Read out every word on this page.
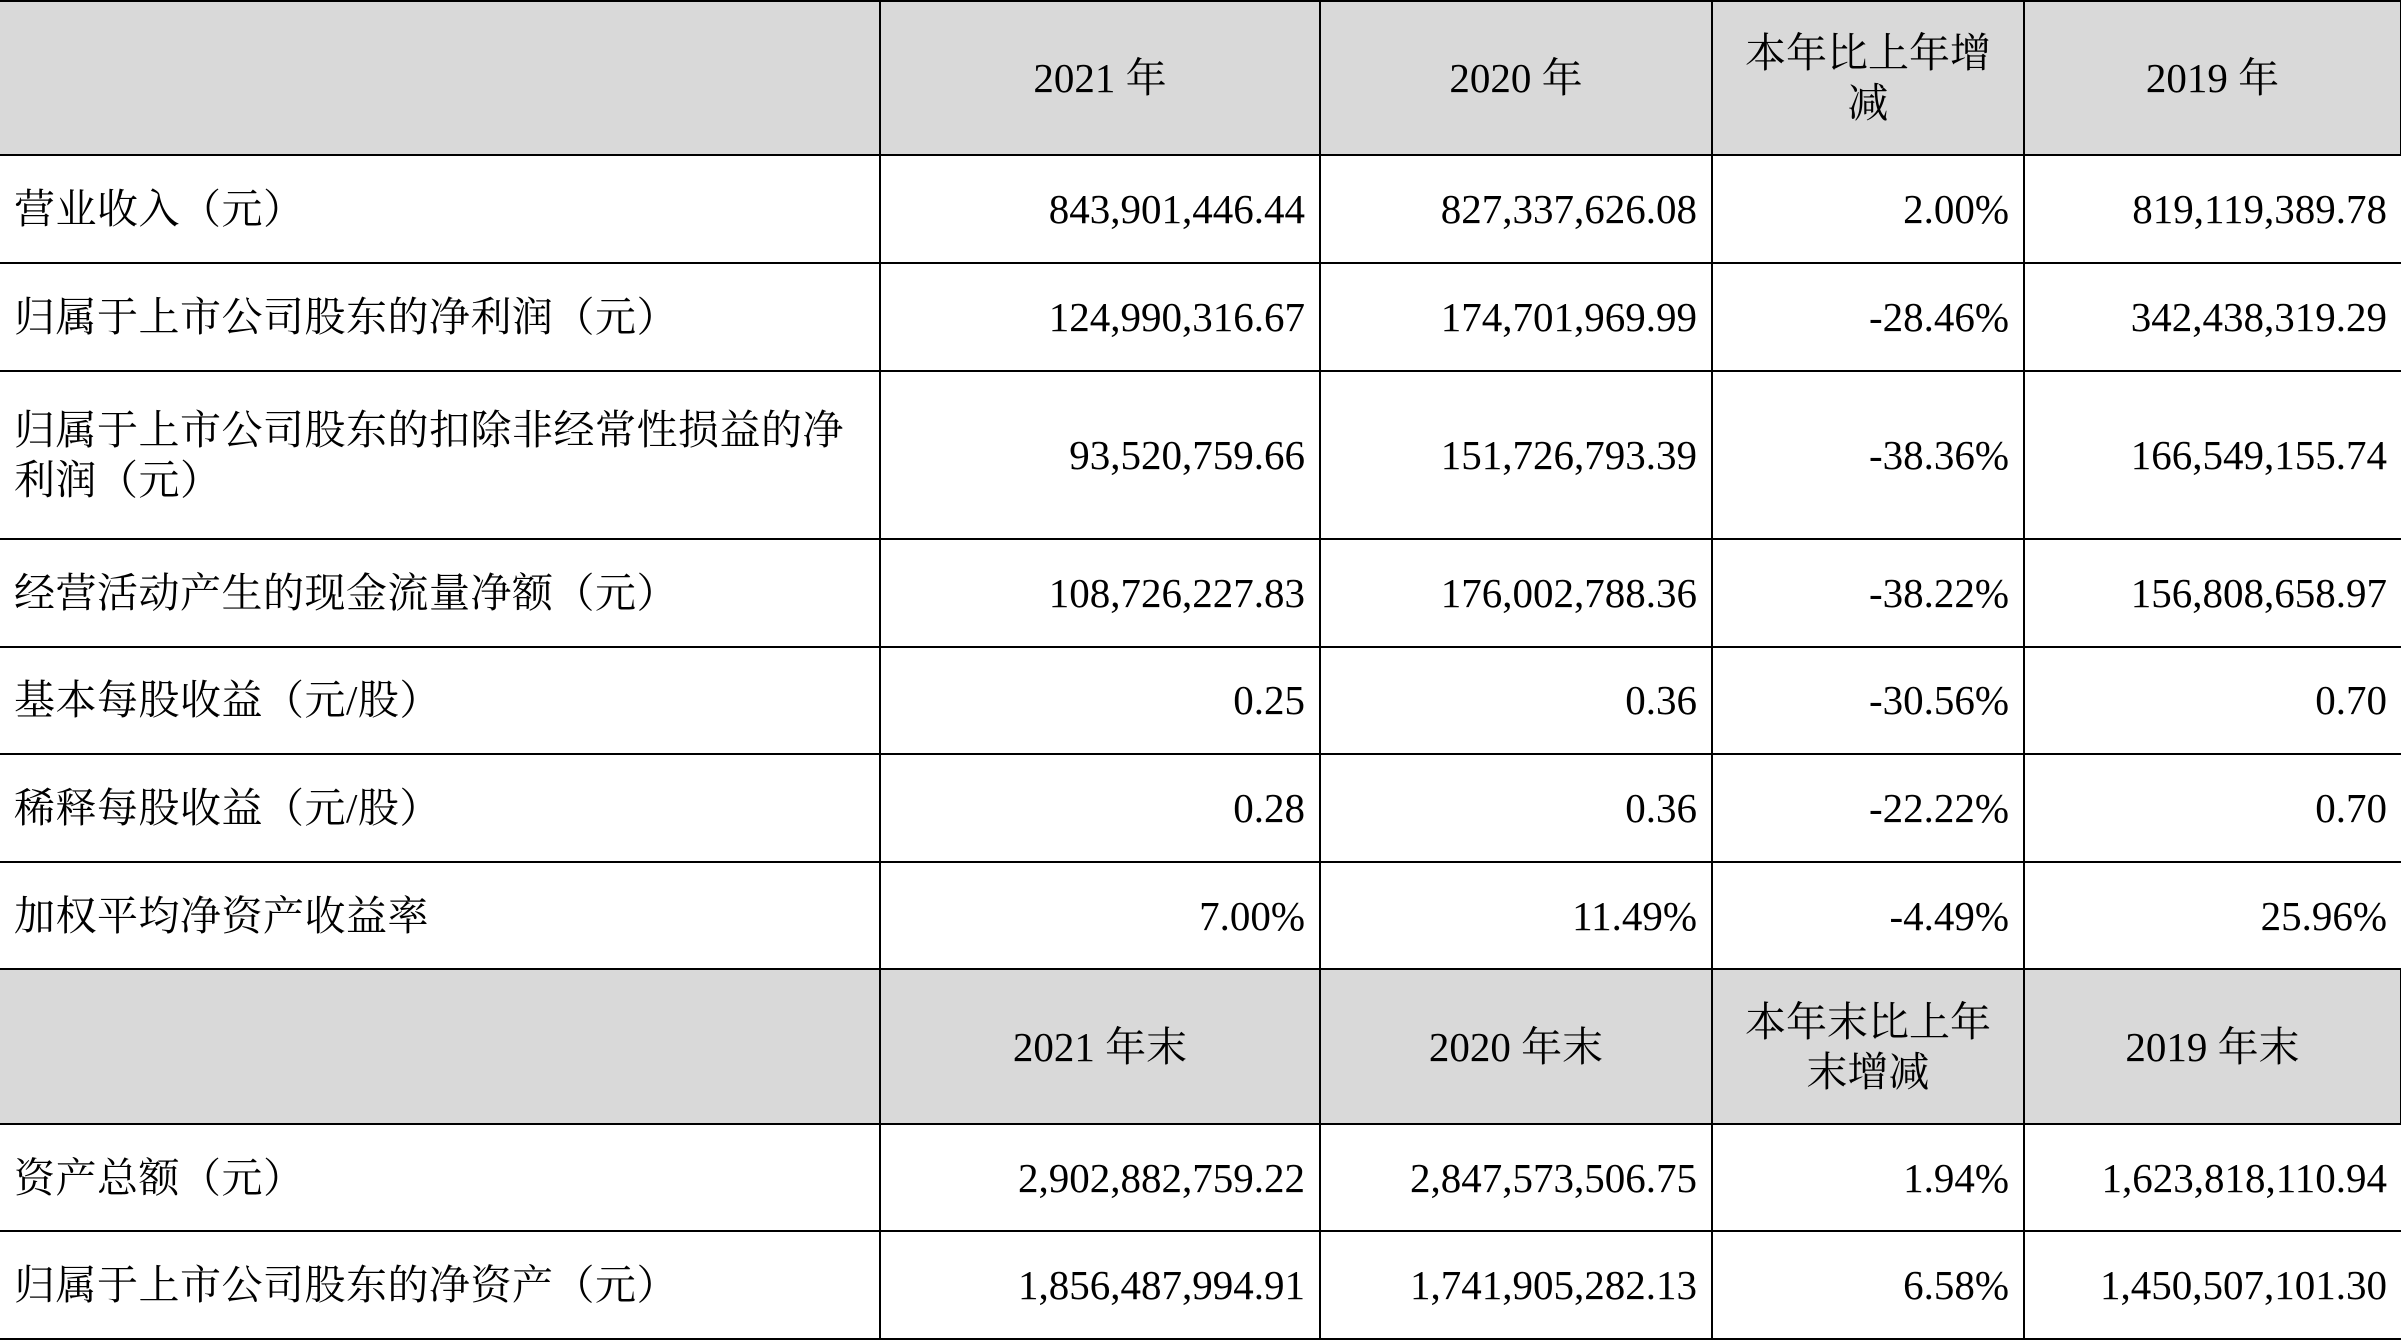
	2021 年	2020 年	本年比上年增减	2019 年
营业收入（元）	843,901,446.44	827,337,626.08	2.00%	819,119,389.78
归属于上市公司股东的净利润（元）	124,990,316.67	174,701,969.99	-28.46%	342,438,319.29
归属于上市公司股东的扣除非经常性损益的净利润（元）	93,520,759.66	151,726,793.39	-38.36%	166,549,155.74
经营活动产生的现金流量净额（元）	108,726,227.83	176,002,788.36	-38.22%	156,808,658.97
基本每股收益（元/股）	0.25	0.36	-30.56%	0.70
稀释每股收益（元/股）	0.28	0.36	-22.22%	0.70
加权平均净资产收益率	7.00%	11.49%	-4.49%	25.96%
	2021 年末	2020 年末	本年末比上年末增减	2019 年末
资产总额（元）	2,902,882,759.22	2,847,573,506.75	1.94%	1,623,818,110.94
归属于上市公司股东的净资产（元）	1,856,487,994.91	1,741,905,282.13	6.58%	1,450,507,101.30
